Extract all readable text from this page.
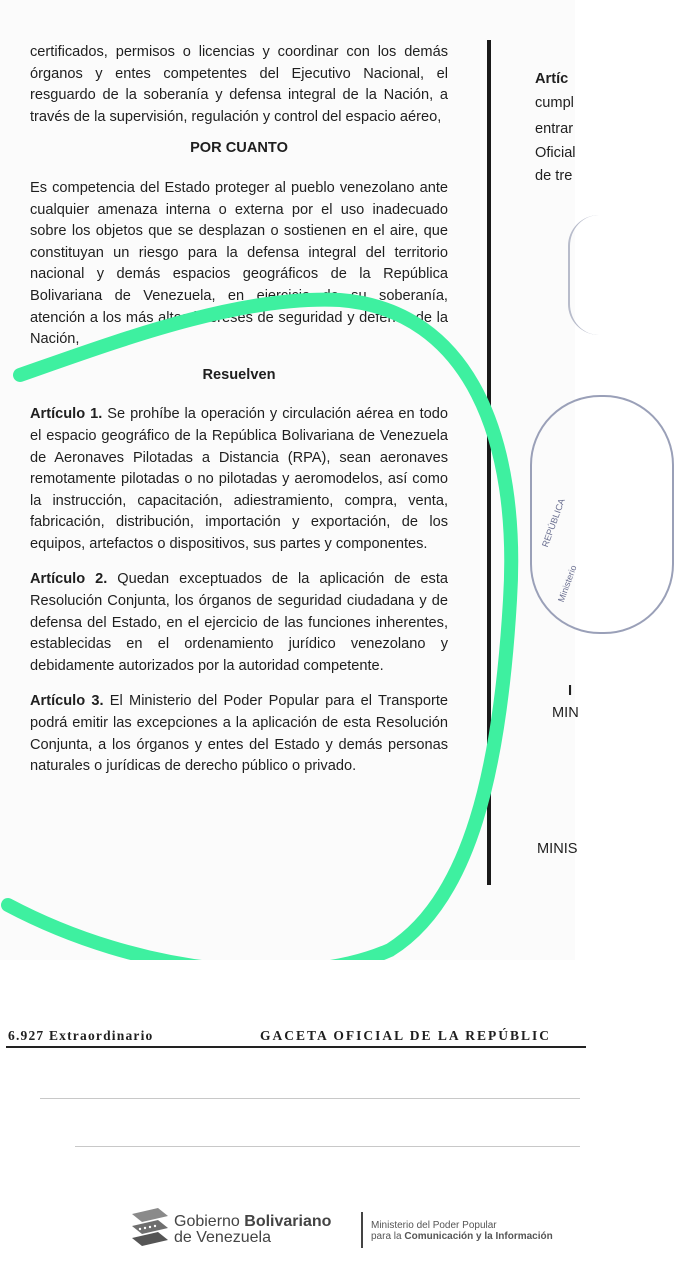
certificados, permisos o licencias y coordinar con los demás órganos y entes competentes del Ejecutivo Nacional, el resguardo de la soberanía y defensa integral de la Nación, a través de la supervisión, regulación y control del espacio aéreo,

POR CUANTO

Es competencia del Estado proteger al pueblo venezolano ante cualquier amenaza interna o externa por el uso inadecuado sobre los objetos que se desplazan o sostienen en el aire, que constituyan un riesgo para la defensa integral del territorio nacional y demás espacios geográficos de la República Bolivariana de Venezuela, en ejercicio de su soberanía, atención a los más altos intereses de seguridad y defensa de la Nación,

Resuelven

Artículo 1. Se prohíbe la operación y circulación aérea en todo el espacio geográfico de la República Bolivariana de Venezuela de Aeronaves Pilotadas a Distancia (RPA), sean aeronaves remotamente pilotadas o no pilotadas y aeromodelos, así como la instrucción, capacitación, adiestramiento, compra, venta, fabricación, distribución, importación y exportación, de los equipos, artefactos o dispositivos, sus partes y componentes.

Artículo 2. Quedan exceptuados de la aplicación de esta Resolución Conjunta, los órganos de seguridad ciudadana y de defensa del Estado, en el ejercicio de las funciones inherentes, establecidas en el ordenamiento jurídico venezolano y debidamente autorizados por la autoridad competente.

Artículo 3. El Ministerio del Poder Popular para el Transporte podrá emitir las excepciones a la aplicación de esta Resolución Conjunta, a los órganos y entes del Estado y demás personas naturales o jurídicas de derecho público o privado.

Artíc
cumpl
entrar
Oficial
de tre
REPÚBLICA
Ministerio
I
MIN
MINIS
6.927 Extraordinario	GACETA OFICIAL DE LA REPÚBLIC
Gobierno Bolivariano
de Venezuela
Ministerio del Poder Popular
para la Comunicación y la Información
